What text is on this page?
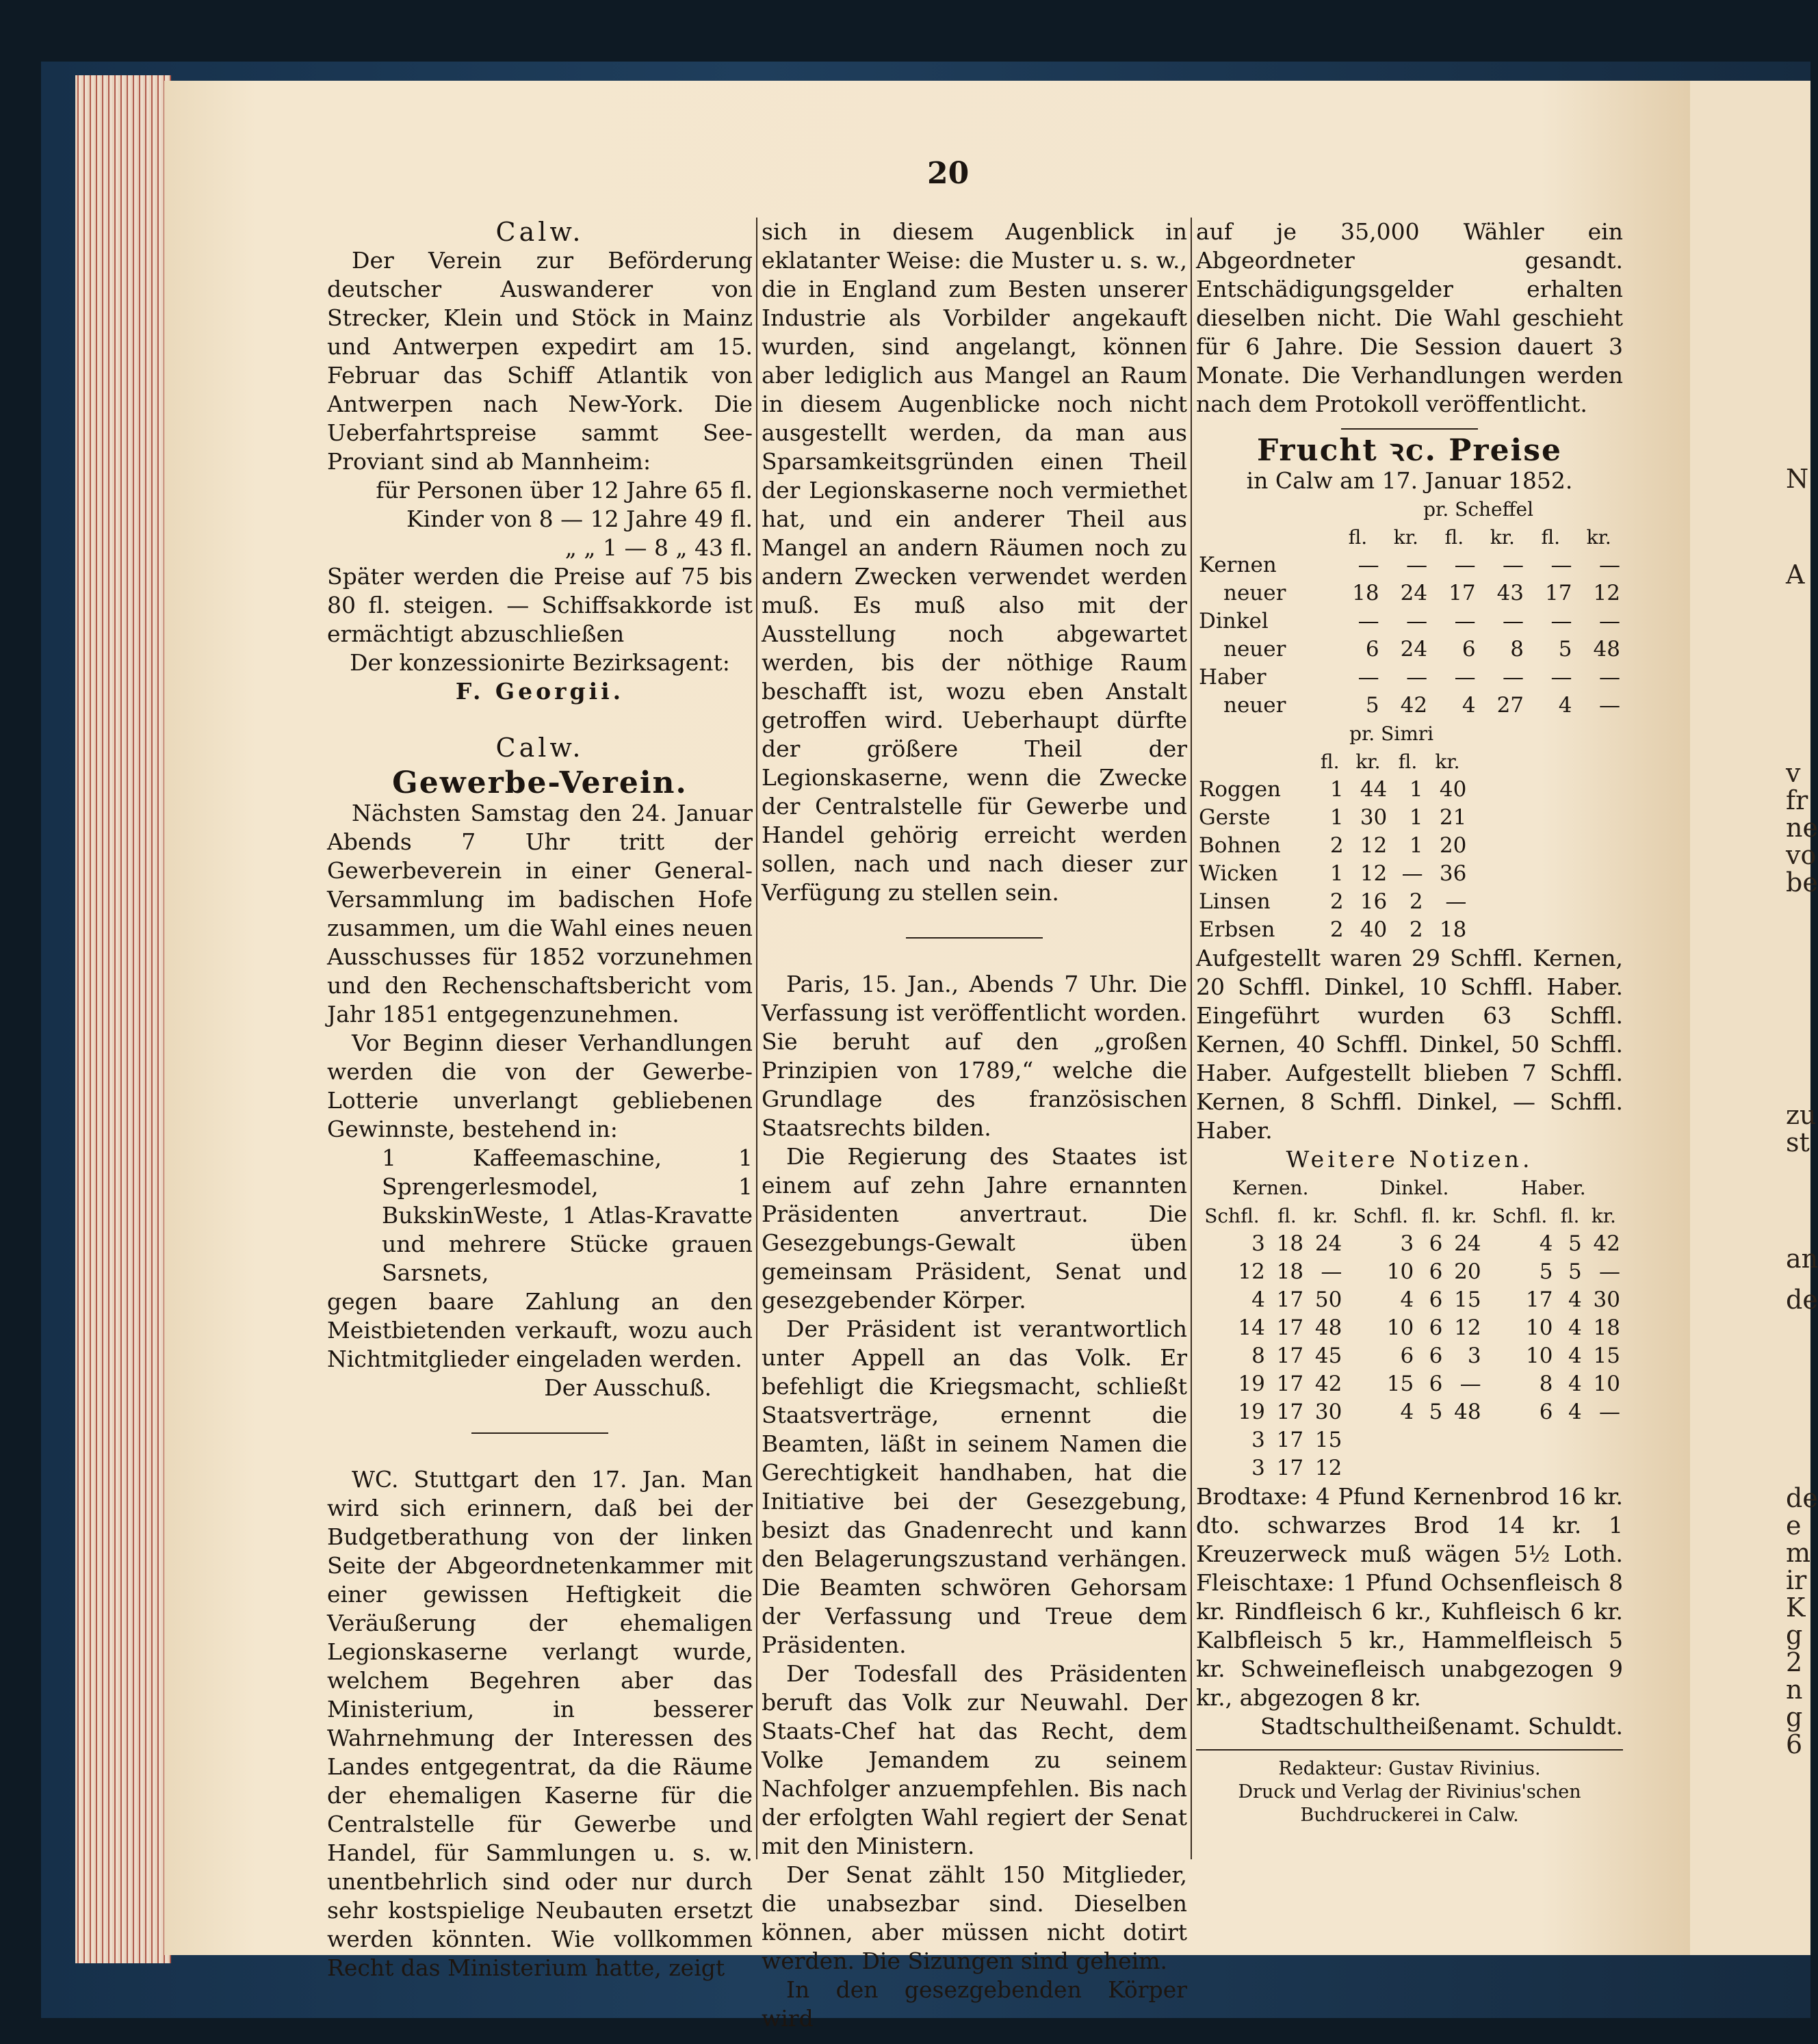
N
A
v
fr
ne
vo
be
zu
st
an
de
de
e
m
ir
K
g
2
n
g
6
20
Calw.

Der Verein zur Beförderung deutscher Auswanderer von Strecker, Klein und Stöck in Mainz und Antwerpen expedirt am 15. Februar das Schiff Atlantik von Antwerpen nach New-York. Die Ueberfahrtspreise sammt See-Proviant sind ab Mannheim:

für Personen über 12 Jahre 65 fl.

Kinder von 8 — 12 Jahre 49 fl.

„ „ 1 — 8 „ 43 fl.

Später werden die Preise auf 75 bis 80 fl. steigen. — Schiffsakkorde ist ermächtigt abzuschließen

Der konzessionirte Bezirksagent:

F. Georgii.

Calw.
Gewerbe-Verein.

Nächsten Samstag den 24. Januar Abends 7 Uhr tritt der Gewerbeverein in einer General-Versammlung im badischen Hofe zusammen, um die Wahl eines neuen Ausschusses für 1852 vorzunehmen und den Rechenschaftsbericht vom Jahr 1851 entgegenzunehmen.

Vor Beginn dieser Verhandlungen werden die von der Gewerbe-Lotterie unverlangt gebliebenen Gewinnste, bestehend in:

1 Kaffeemaschine, 1 Sprengerlesmodel, 1 BukskinWeste, 1 Atlas-Kravatte und mehrere Stücke grauen Sarsnets,

gegen baare Zahlung an den Meistbietenden verkauft, wozu auch Nichtmitglieder eingeladen werden.

Der Ausschuß.

WC. Stuttgart den 17. Jan. Man wird sich erinnern, daß bei der Budgetberathung von der linken Seite der Abgeordnetenkammer mit einer gewissen Heftigkeit die Veräußerung der ehemaligen Legionskaserne verlangt wurde, welchem Begehren aber das Ministerium, in besserer Wahrnehmung der Interessen des Landes entgegentrat, da die Räume der ehemaligen Kaserne für die Centralstelle für Gewerbe und Handel, für Sammlungen u. s. w. unentbehrlich sind oder nur durch sehr kostspielige Neubauten ersetzt werden könnten. Wie vollkommen Recht das Ministerium hatte, zeigt

sich in diesem Augenblick in eklatanter Weise: die Muster u. s. w., die in England zum Besten unserer Industrie als Vorbilder angekauft wurden, sind angelangt, können aber lediglich aus Mangel an Raum in diesem Augenblicke noch nicht ausgestellt werden, da man aus Sparsamkeitsgründen einen Theil der Legionskaserne noch vermiethet hat, und ein anderer Theil aus Mangel an andern Räumen noch zu andern Zwecken verwendet werden muß. Es muß also mit der Ausstellung noch abgewartet werden, bis der nöthige Raum beschafft ist, wozu eben Anstalt getroffen wird. Ueberhaupt dürfte der größere Theil der Legionskaserne, wenn die Zwecke der Centralstelle für Gewerbe und Handel gehörig erreicht werden sollen, nach und nach dieser zur Verfügung zu stellen sein.

Paris, 15. Jan., Abends 7 Uhr. Die Verfassung ist veröffentlicht worden. Sie beruht auf den „großen Prinzipien von 1789,“ welche die Grundlage des französischen Staatsrechts bilden.

Die Regierung des Staates ist einem auf zehn Jahre ernannten Präsidenten anvertraut. Die Gesezgebungs-Gewalt üben gemeinsam Präsident, Senat und gesezgebender Körper.

Der Präsident ist verantwortlich unter Appell an das Volk. Er befehligt die Kriegsmacht, schließt Staatsverträge, ernennt die Beamten, läßt in seinem Namen die Gerechtigkeit handhaben, hat die Initiative bei der Gesezgebung, besizt das Gnadenrecht und kann den Belagerungszustand verhängen. Die Beamten schwören Gehorsam der Verfassung und Treue dem Präsidenten.

Der Todesfall des Präsidenten beruft das Volk zur Neuwahl. Der Staats-Chef hat das Recht, dem Volke Jemandem zu seinem Nachfolger anzuempfehlen. Bis nach der erfolgten Wahl regiert der Senat mit den Ministern.

Der Senat zählt 150 Mitglieder, die unabsezbar sind. Dieselben können, aber müssen nicht dotirt werden. Die Sizungen sind geheim.

In den gesezgebenden Körper wird

auf je 35,000 Wähler ein Abgeordneter gesandt. Entschädigungsgelder erhalten dieselben nicht. Die Wahl geschieht für 6 Jahre. Die Session dauert 3 Monate. Die Verhandlungen werden nach dem Protokoll veröffentlicht.

Frucht ꝛc. Preise
in Calw am 17. Januar 1852.
	pr. Scheffel					
	fl.	kr.	fl.	kr.	fl.	kr.
Kernen	—	—	—	—	—	—
neuer	18	24	17	43	17	12
Dinkel	—	—	—	—	—	—
neuer	6	24	6	8	5	48
Haber	—	—	—	—	—	—
neuer	5	42	4	27	4	—
	pr. Simri			
	fl.	kr.	fl.	kr.
Roggen	1	44	1	40
Gerste	1	30	1	21
Bohnen	2	12	1	20
Wicken	1	12	—	36
Linsen	2	16	2	—
Erbsen	2	40	2	18

Aufgestellt waren 29 Schffl. Kernen, 20 Schffl. Dinkel, 10 Schffl. Haber. Eingeführt wurden 63 Schffl. Kernen, 40 Schffl. Dinkel, 50 Schffl. Haber. Aufgestellt blieben 7 Schffl. Kernen, 8 Schffl. Dinkel, — Schffl. Haber.

Weitere Notizen.
Kernen.			Dinkel.			Haber.		
Schfl.	fl.	kr.	Schfl.	fl.	kr.	Schfl.	fl.	kr.
3	18	24	3	6	24	4	5	42
12	18	—	10	6	20	5	5	—
4	17	50	4	6	15	17	4	30
14	17	48	10	6	12	10	4	18
8	17	45	6	6	3	10	4	15
19	17	42	15	6	—	8	4	10
19	17	30	4	5	48	6	4	—
3	17	15						
3	17	12						

Brodtaxe: 4 Pfund Kernenbrod 16 kr. dto. schwarzes Brod 14 kr. 1 Kreuzerweck muß wägen 5½ Loth. Fleischtaxe: 1 Pfund Ochsenfleisch 8 kr. Rindfleisch 6 kr., Kuhfleisch 6 kr. Kalbfleisch 5 kr., Hammelfleisch 5 kr. Schweinefleisch unabgezogen 9 kr., abgezogen 8 kr.

Stadtschultheißenamt. Schuldt.

Redakteur: Gustav Rivinius.
Druck und Verlag der Rivinius'schen Buchdruckerei in Calw.
